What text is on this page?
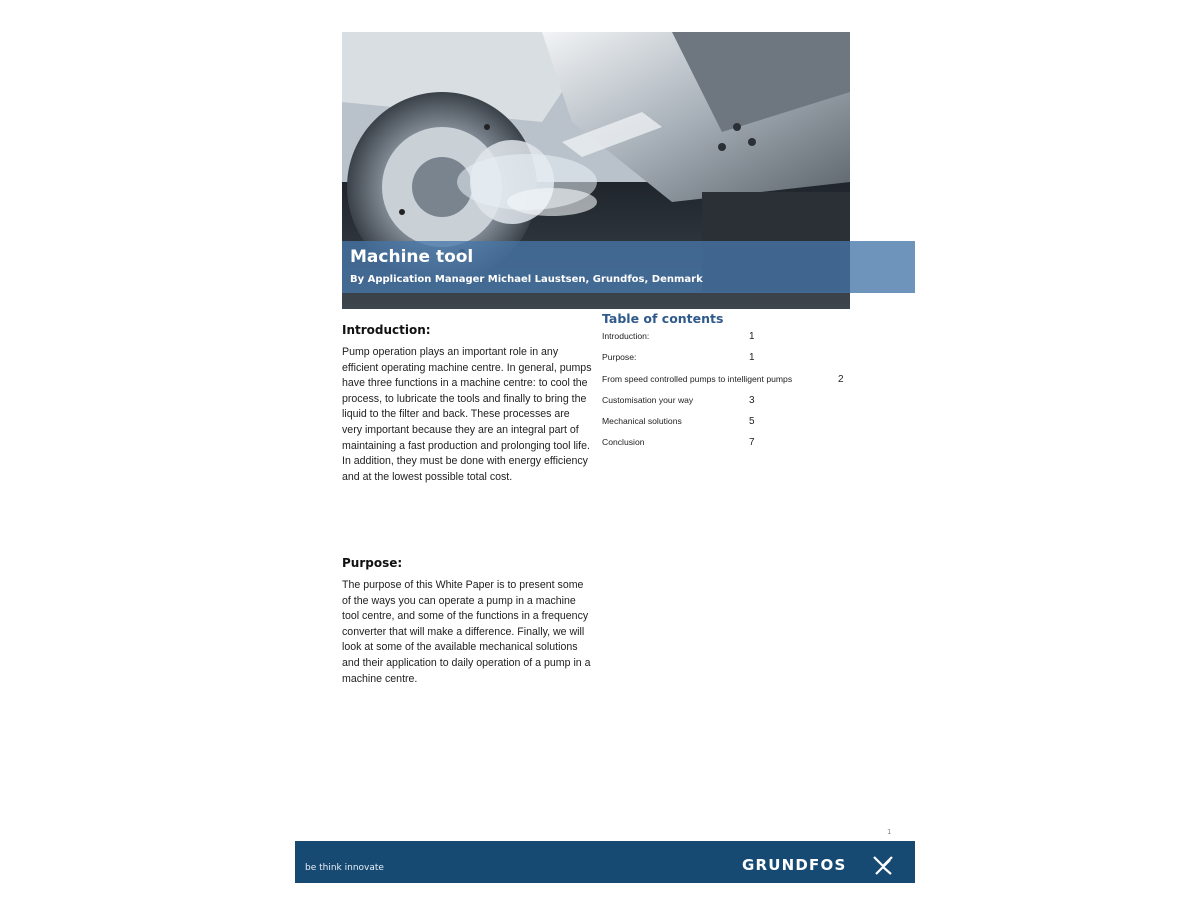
Machine tool
By Application Manager Michael Laustsen, Grundfos, Denmark
Introduction:
Pump operation plays an important role in any efficient operating machine centre. In general, pumps have three functions in a machine centre: to cool the process, to lubricate the tools and finally to bring the liquid to the filter and back. These processes are very important because they are an integral part of maintaining a fast production and prolonging tool life. In addition, they must be done with energy efficiency and at the lowest possible total cost.
Purpose:
The purpose of this White Paper is to present some of the ways you can operate a pump in a machine tool centre, and some of the functions in a frequency converter that will make a difference. Finally, we will look at some of the available mechanical solutions and their application to daily operation of a pump in a machine centre.
Table of contents
Introduction:	1
Purpose:	1
From speed controlled pumps to intelligent pumps	2
Customisation your way	3
Mechanical solutions	5
Conclusion	7
1
be think innovate	GRUNDFOS
